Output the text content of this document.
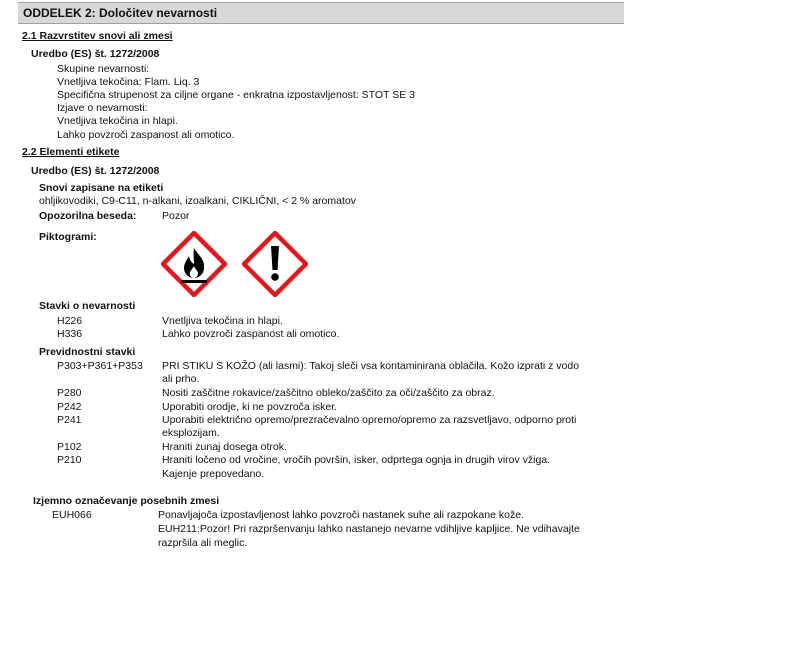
ODDELEK 2: Določitev nevarnosti
2.1 Razvrstitev snovi ali zmesi
Uredbo (ES) št. 1272/2008
Skupine nevarnosti:
Vnetljiva tekočina: Flam. Liq. 3
Specifična strupenost za ciljne organe - enkratna izpostavljenost: STOT SE 3
Izjave o nevarnosti:
Vnetljiva tekočina in hlapi.
Lahko povzroči zaspanost ali omotico.
2.2 Elementi etikete
Uredbo (ES) št. 1272/2008
Snovi zapisane na etiketi
ohljikovodiki, C9-C11, n-alkani, izoalkani, CIKLIČNI, < 2 % aromatov
Opozorilna beseda: Pozor
Piktogrami:
Stavki o nevarnosti
H226	Vnetljiva tekočina in hlapi.
H336	Lahko povzroči zaspanost ali omotico.
Previdnostni stavki
P303+P361+P353 PRI STIKU S KOŽO (ali lasmi): Takoj sleči vsa kontaminirana oblačila. Kožo izprati z vodo
ali prho.
P280	Nositi zaščitne rokavice/zaščitno obleko/zaščito za oči/zaščito za obraz.
P242	Uporabiti orodje, ki ne povzroča isker.
P241	Uporabiti električno opremo/prezračevalno opremo/opremo za razsvetljavo, odporno proti
eksplozijam.
P102	Hraniti zunaj dosega otrok.
P210	Hraniti ločeno od vročine, vročih površin, isker, odprtega ognja in drugih virov vžiga.
Kajenje prepovedano.
Izjemno označevanje posebnih zmesi
EUH066	Ponavljajoča izpostavljenost lahko povzroči nastanek suhe ali razpokane kože.
EUH211:Pozor! Pri razpršenvanju lahko nastanejo nevarne vdihljive kapljice. Ne vdihavajte
razpršila ali meglic.
